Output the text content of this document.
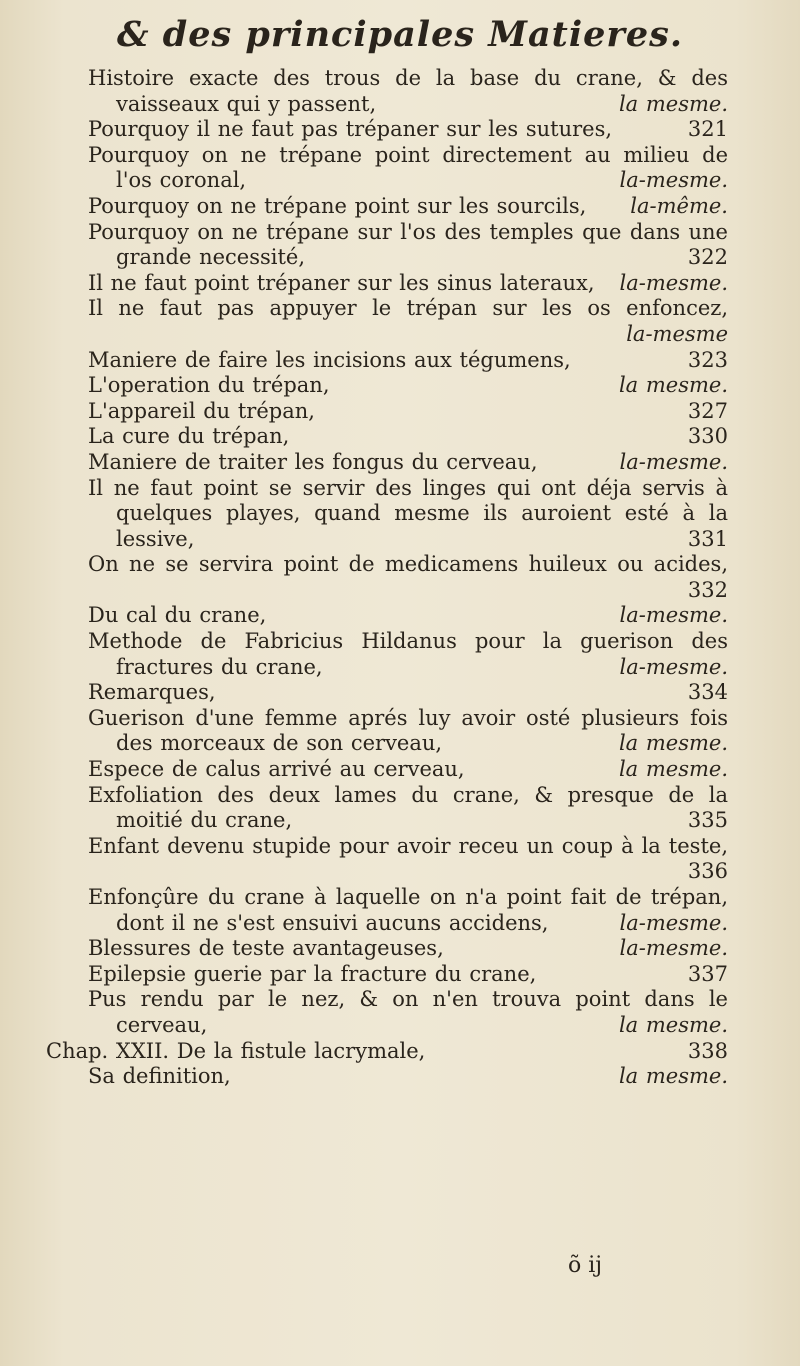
& des principales Matieres.
Histoire exacte des trous de la base du crane, & des vaisseaux qui y passent,	la mesme.
Pourquoy il ne faut pas trépaner sur les sutures,	321
Pourquoy on ne trépane point directement au milieu de l'os coronal,	la-mesme.
Pourquoy on ne trépane point sur les sourcils, la-même.
Pourquoy on ne trépane sur l'os des temples que dans une grande necessité,	322
Il ne faut point trépaner sur les sinus lateraux, la-mesme.
Il ne faut pas appuyer le trépan sur les os enfoncez,
la-mesme
Maniere de faire les incisions aux tégumens,	323
L'operation du trépan,	la mesme.
L'appareil du trépan,	327
La cure du trépan,	330
Maniere de traiter les fongus du cerveau,	la-mesme.
Il ne faut point se servir des linges qui ont déja servis à quelques playes, quand mesme ils auroient esté à la lessive,	331
On ne se servira point de medicamens huileux ou acides,
332
Du cal du crane,	la-mesme.
Methode de Fabricius Hildanus pour la guerison des fractures du crane,	la-mesme.
Remarques,	334
Guerison d'une femme aprés luy avoir osté plusieurs fois des morceaux de son cerveau,	la mesme.
Espece de calus arrivé au cerveau,	la mesme.
Exfoliation des deux lames du crane, & presque de la moitié du crane,	335
Enfant devenu stupide pour avoir receu un coup à la teste,
336
Enfonçûre du crane à laquelle on n'a point fait de trépan, dont il ne s'est ensuivi aucuns accidens,	la-mesme.
Blessures de teste avantageuses,	la-mesme.
Epilepsie guerie par la fracture du crane,	337
Pus rendu par le nez, & on n'en trouva point dans le cerveau,	la mesme.
Chap. XXII. De la fistule lacrymale,	338
Sa definition,	la mesme.
õ ij
